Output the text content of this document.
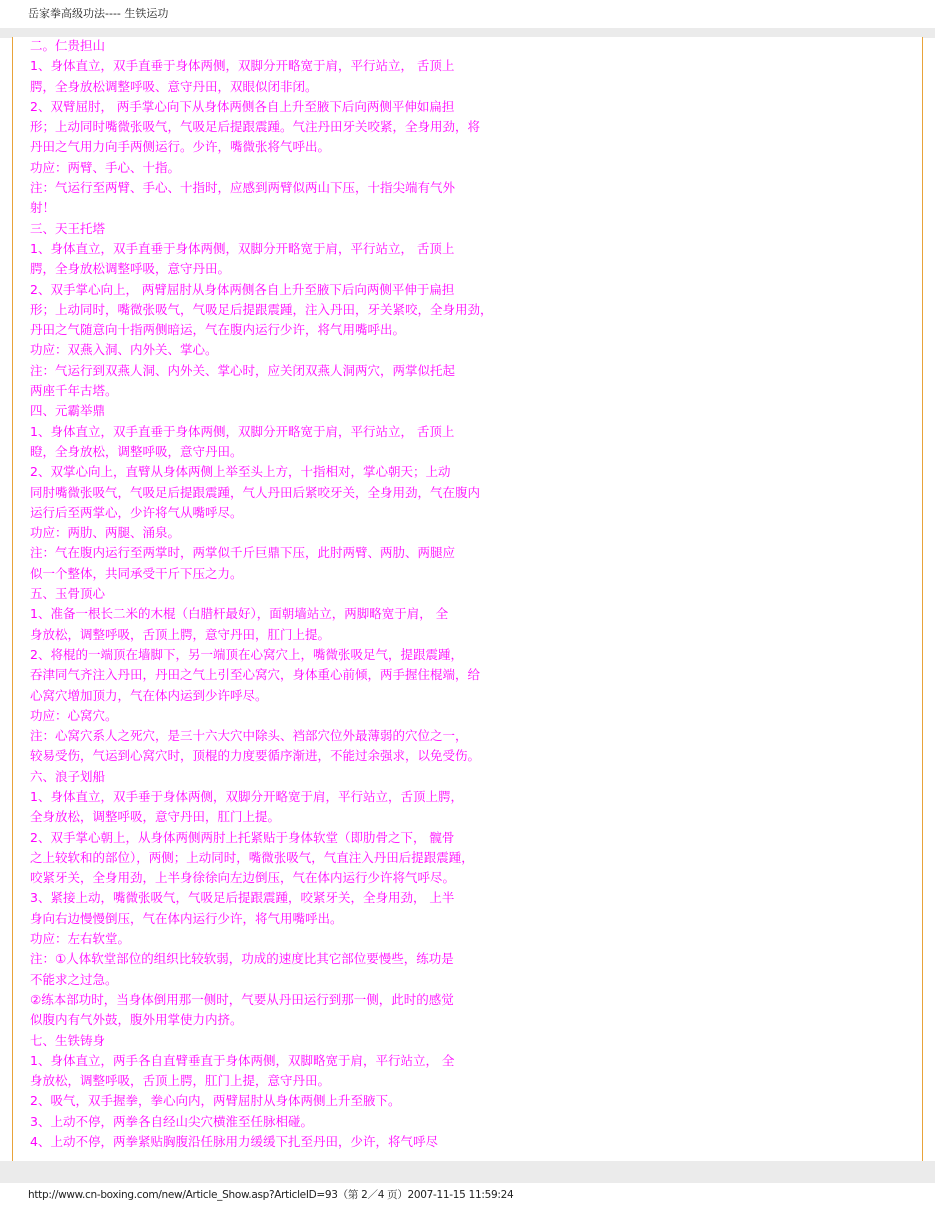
岳家拳高级功法---- 生铁运功
二。仁贵担山
1、身体直立，双手直垂于身体两侧，双脚分开略宽于肩，平行站立， 舌顶上
腭，全身放松调整呼吸、意守丹田，双眼似闭非闭。
2、双臂屈肘， 两手掌心向下从身体两侧各自上升至腋下后向两侧平伸如扁担
形；上动同时嘴微张吸气，气吸足后提跟震踵。气注丹田牙关咬紧，全身用劲，将
丹田之气用力向手两侧运行。少许，嘴微张将气呼出。
功应：两臂、手心、十指。
注：气运行至两臂、手心、十指时，应感到两臂似两山下压，十指尖端有气外
射！
三、天王托塔
1、身体直立，双手直垂于身体两侧，双脚分开略宽于肩，平行站立， 舌顶上
腭，全身放松调整呼吸，意守丹田。
2、双手掌心向上， 两臂屈肘从身体两侧各自上升至腋下后向两侧平伸于扁担
形；上动同时，嘴微张吸气，气吸足后提跟震踵，注入丹田，牙关紧咬，全身用劲，
丹田之气随意向十指两侧暗运，气在腹内运行少许，将气用嘴呼出。
功应：双燕入洞、内外关、掌心。
注：气运行到双燕人洞、内外关、掌心时，应关闭双燕人洞两穴，两掌似托起
两座千年古塔。
四、元霸举鼎
1、身体直立，双手直垂于身体两侧，双脚分开略宽于肩，平行站立， 舌顶上
瞪，全身放松，调整呼吸，意守丹田。
2、双掌心向上，直臂从身体两侧上举至头上方，十指相对，掌心朝天；上动
同肘嘴微张吸气，气吸足后提跟震踵，气人丹田后紧咬牙关，全身用劲，气在腹内
运行后至两掌心，少许将气从嘴呼尽。
功应：两肋、两腿、涌泉。
注：气在腹内运行至两掌时，两掌似千斤巨鼎下压，此肘两臂、两肋、两腿应
似一个整体，共同承受干斤下压之力。
五、玉骨顶心
1、准备一根长二米的木棍（白腊杆最好），面朝墙站立，两脚略宽于肩， 全
身放松，调整呼吸，舌顶上腭，意守丹田，肛门上提。
2、将棍的一端顶在墙脚下，另一端顶在心窝穴上，嘴微张吸足气，提跟震踵，
吞津同气齐注入丹田，丹田之气上引至心窝穴，身体重心前倾，两手握住棍端，给
心窝穴增加顶力，气在体内运到少许呼尽。
功应：心窝穴。
注：心窝穴系人之死穴，是三十六大穴中除头、裆部穴位外最薄弱的穴位之一，
较易受伤，气运到心窝穴时，顶棍的力度要循序渐进，不能过余强求，以免受伤。
六、浪子划船
1、身体直立，双手垂于身体两侧，双脚分开略宽于肩，平行站立，舌顶上腭，
全身放松，调整呼吸，意守丹田，肛门上提。
2、双手掌心朝上，从身体两侧两肘上托紧贴于身体软堂（即肋骨之下， 髋骨
之上较软和的部位），两侧；上动同时，嘴微张吸气，气直注入丹田后提跟震踵，
咬紧牙关，全身用劲，上半身徐徐向左边倒压，气在体内运行少许将气呼尽。
3、紧接上动，嘴微张吸气，气吸足后提跟震踵，咬紧牙关，全身用劲， 上半
身向右边慢慢倒压，气在体内运行少许，将气用嘴呼出。
功应：左右软堂。
注：①人体软堂部位的组织比较软弱，功成的速度比其它部位要慢些，练功是
不能求之过急。
②练本部功时，当身体倒用那一侧时，气要从丹田运行到那一侧，此时的感觉
似腹内有气外鼓，腹外用掌使力内挤。
七、生铁铸身
1、身体直立，两手各自直臂垂直于身体两侧，双脚略宽于肩，平行站立， 全
身放松，调整呼吸，舌顶上腭，肛门上提，意守丹田。
2、吸气，双手握拳，拳心向内，两臂屈肘从身体两侧上升至腋下。
3、上动不停，两拳各自经山尖穴横淮至任脉相碰。
4、上动不停，两拳紧贴胸腹沿任脉用力缓缓下扎至丹田，少许，将气呼尽
http://www.cn-boxing.com/new/Article_Show.asp?ArticleID=93（第 2／4 页）2007-11-15 11:59:24
